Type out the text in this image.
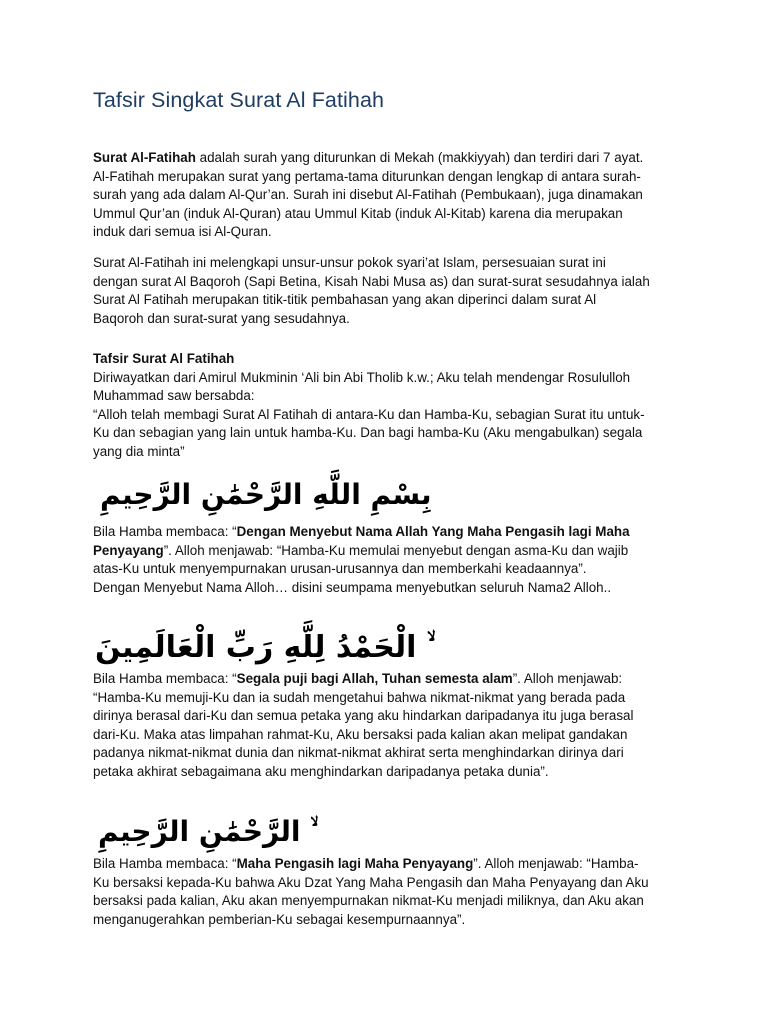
Tafsir Singkat Surat Al Fatihah

Surat Al-Fatihah adalah surah yang diturunkan di Mekah (makkiyyah) dan terdiri dari 7 ayat.

Al-Fatihah merupakan surat yang pertama-tama diturunkan dengan lengkap di antara surah-

surah yang ada dalam Al-Qur’an. Surah ini disebut Al-Fatihah (Pembukaan), juga dinamakan

Ummul Qur’an (induk Al-Quran) atau Ummul Kitab (induk Al-Kitab) karena dia merupakan

induk dari semua isi Al-Quran.

Surat Al-Fatihah ini melengkapi unsur-unsur pokok syari’at Islam, persesuaian surat ini

dengan surat Al Baqoroh (Sapi Betina, Kisah Nabi Musa as) dan surat-surat sesudahnya ialah

Surat Al Fatihah merupakan titik-titik pembahasan yang akan diperinci dalam surat Al

Baqoroh dan surat-surat yang sesudahnya.

Tafsir Surat Al Fatihah

Diriwayatkan dari Amirul Mukminin ‘Ali bin Abi Tholib k.w.; Aku telah mendengar Rosululloh

Muhammad saw bersabda:

“Alloh telah membagi Surat Al Fatihah di antara-Ku dan Hamba-Ku, sebagian Surat itu untuk-

Ku dan sebagian yang lain untuk hamba-Ku. Dan bagi hamba-Ku (Aku mengabulkan) segala

yang dia minta”

بِسْمِ اللَّهِ الرَّحْمَٰنِ الرَّحِيمِ

Bila Hamba membaca: “Dengan Menyebut Nama Allah Yang Maha Pengasih lagi Maha

Penyayang”. Alloh menjawab: “Hamba-Ku memulai menyebut dengan asma-Ku dan wajib

atas-Ku untuk menyempurnakan urusan-urusannya dan memberkahi keadaannya”.

Dengan Menyebut Nama Alloh… disini seumpama menyebutkan seluruh Nama2 Alloh..

ۙ الْحَمْدُ لِلَّهِ رَبِّ الْعَالَمِينَ

Bila Hamba membaca: “Segala puji bagi Allah, Tuhan semesta alam”. Alloh menjawab:

“Hamba-Ku memuji-Ku dan ia sudah mengetahui bahwa nikmat-nikmat yang berada pada

dirinya berasal dari-Ku dan semua petaka yang aku hindarkan daripadanya itu juga berasal

dari-Ku. Maka atas limpahan rahmat-Ku, Aku bersaksi pada kalian akan melipat gandakan

padanya nikmat-nikmat dunia dan nikmat-nikmat akhirat serta menghindarkan dirinya dari

petaka akhirat sebagaimana aku menghindarkan daripadanya petaka dunia”.

ۙ الرَّحْمَٰنِ الرَّحِيمِ

Bila Hamba membaca: “Maha Pengasih lagi Maha Penyayang”. Alloh menjawab: “Hamba-

Ku bersaksi kepada-Ku bahwa Aku Dzat Yang Maha Pengasih dan Maha Penyayang dan Aku

bersaksi pada kalian, Aku akan menyempurnakan nikmat-Ku menjadi miliknya, dan Aku akan

menganugerahkan pemberian-Ku sebagai kesempurnaannya”.
